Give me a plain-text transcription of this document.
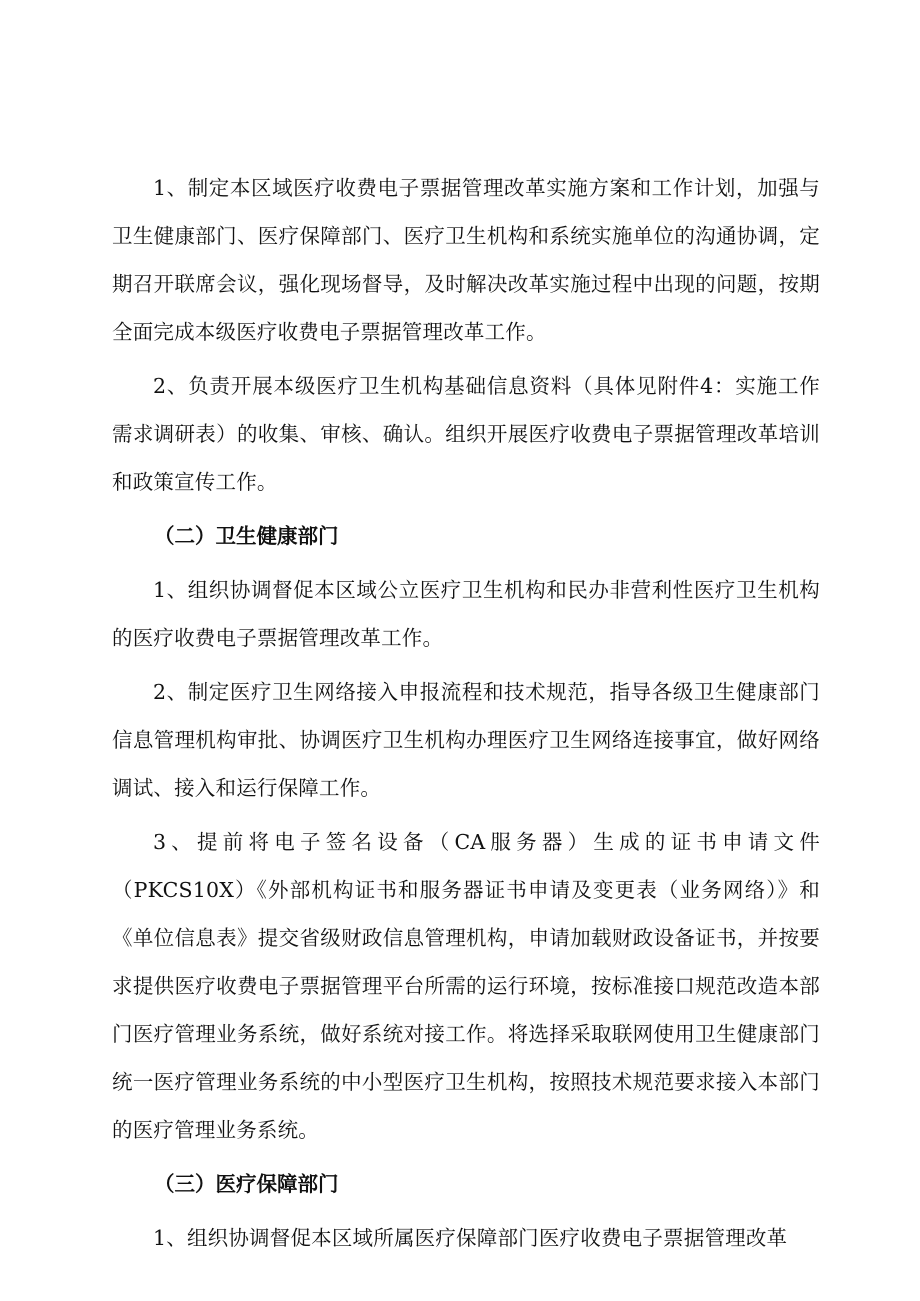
1、制定本区域医疗收费电子票据管理改革实施方案和工作计划，加强与卫生健康部门、医疗保障部门、医疗卫生机构和系统实施单位的沟通协调，定期召开联席会议，强化现场督导，及时解决改革实施过程中出现的问题，按期全面完成本级医疗收费电子票据管理改革工作。

2、负责开展本级医疗卫生机构基础信息资料（具体见附件4：实施工作需求调研表）的收集、审核、确认。组织开展医疗收费电子票据管理改革培训和政策宣传工作。

（二）卫生健康部门

1、组织协调督促本区域公立医疗卫生机构和民办非营利性医疗卫生机构的医疗收费电子票据管理改革工作。

2、制定医疗卫生网络接入申报流程和技术规范，指导各级卫生健康部门信息管理机构审批、协调医疗卫生机构办理医疗卫生网络连接事宜，做好网络调试、接入和运行保障工作。

3、提前将电子签名设备（CA服务器）生成的证书申请文件（PKCS10X）《外部机构证书和服务器证书申请及变更表（业务网络）》和《单位信息表》提交省级财政信息管理机构，申请加载财政设备证书，并按要求提供医疗收费电子票据管理平台所需的运行环境，按标准接口规范改造本部门医疗管理业务系统，做好系统对接工作。将选择采取联网使用卫生健康部门统一医疗管理业务系统的中小型医疗卫生机构，按照技术规范要求接入本部门的医疗管理业务系统。

（三）医疗保障部门

1、组织协调督促本区域所属医疗保障部门医疗收费电子票据管理改革
